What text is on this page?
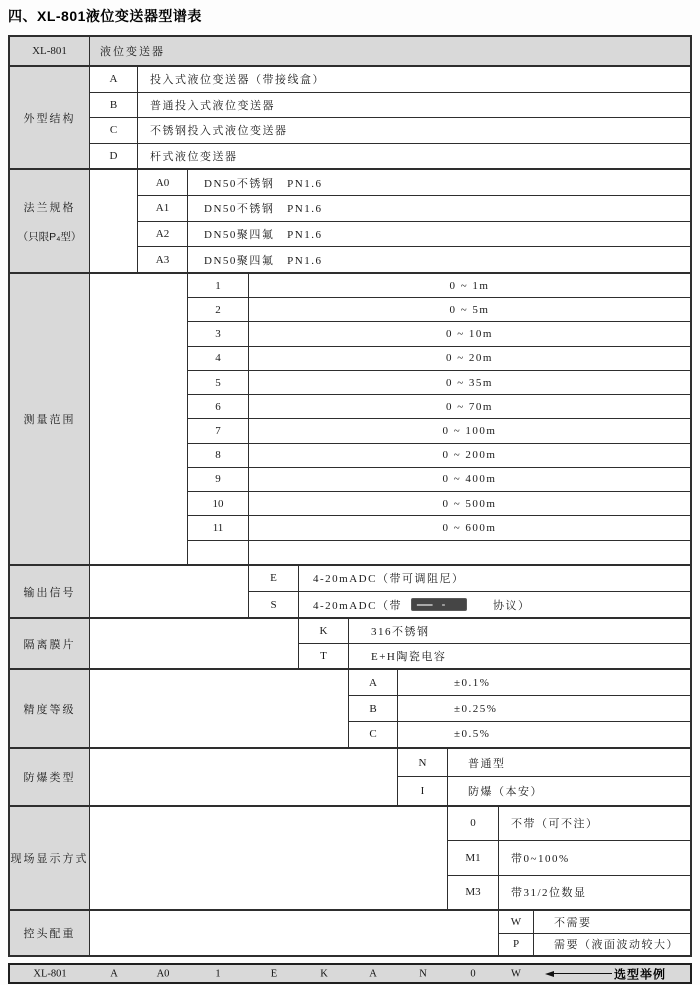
四、XL-801液位变送器型谱表
XL-801	液位变送器
外型结构
A	投入式液位变送器（带接线盒）
B	普通投入式液位变送器
C	不锈钢投入式液位变送器
D	杆式液位变送器
法兰规格
（只限P₄型）
A0	DN50不锈钢   PN1.6
A1	DN50不锈钢   PN1.6
A2	DN50聚四氟   PN1.6
A3	DN50聚四氟   PN1.6
测量范围
1	0 ~ 1m
2	0 ~ 5m
3	0 ~ 10m
4	0 ~ 20m
5	0 ~ 35m
6	0 ~ 70m
7	0 ~ 100m
8	0 ~ 200m
9	0 ~ 400m
10	0 ~ 500m
11	0 ~ 600m
输出信号
E	4-20mADC（带可调阻尼）
S	4-20mADC（带	协议）
隔离膜片
K	316不锈钢
T	E+H陶瓷电容
精度等级
A	±0.1%
B	±0.25%
C	±0.5%
防爆类型
N	普通型
I	防爆（本安）
现场显示方式
0	不带（可不注）
M1	带0~100%
M3	带31/2位数显
控头配重
W	不需要
P	需要（液面波动较大）
XL-801	A	A0	1	E	K	A	N	0	W	选型举例
